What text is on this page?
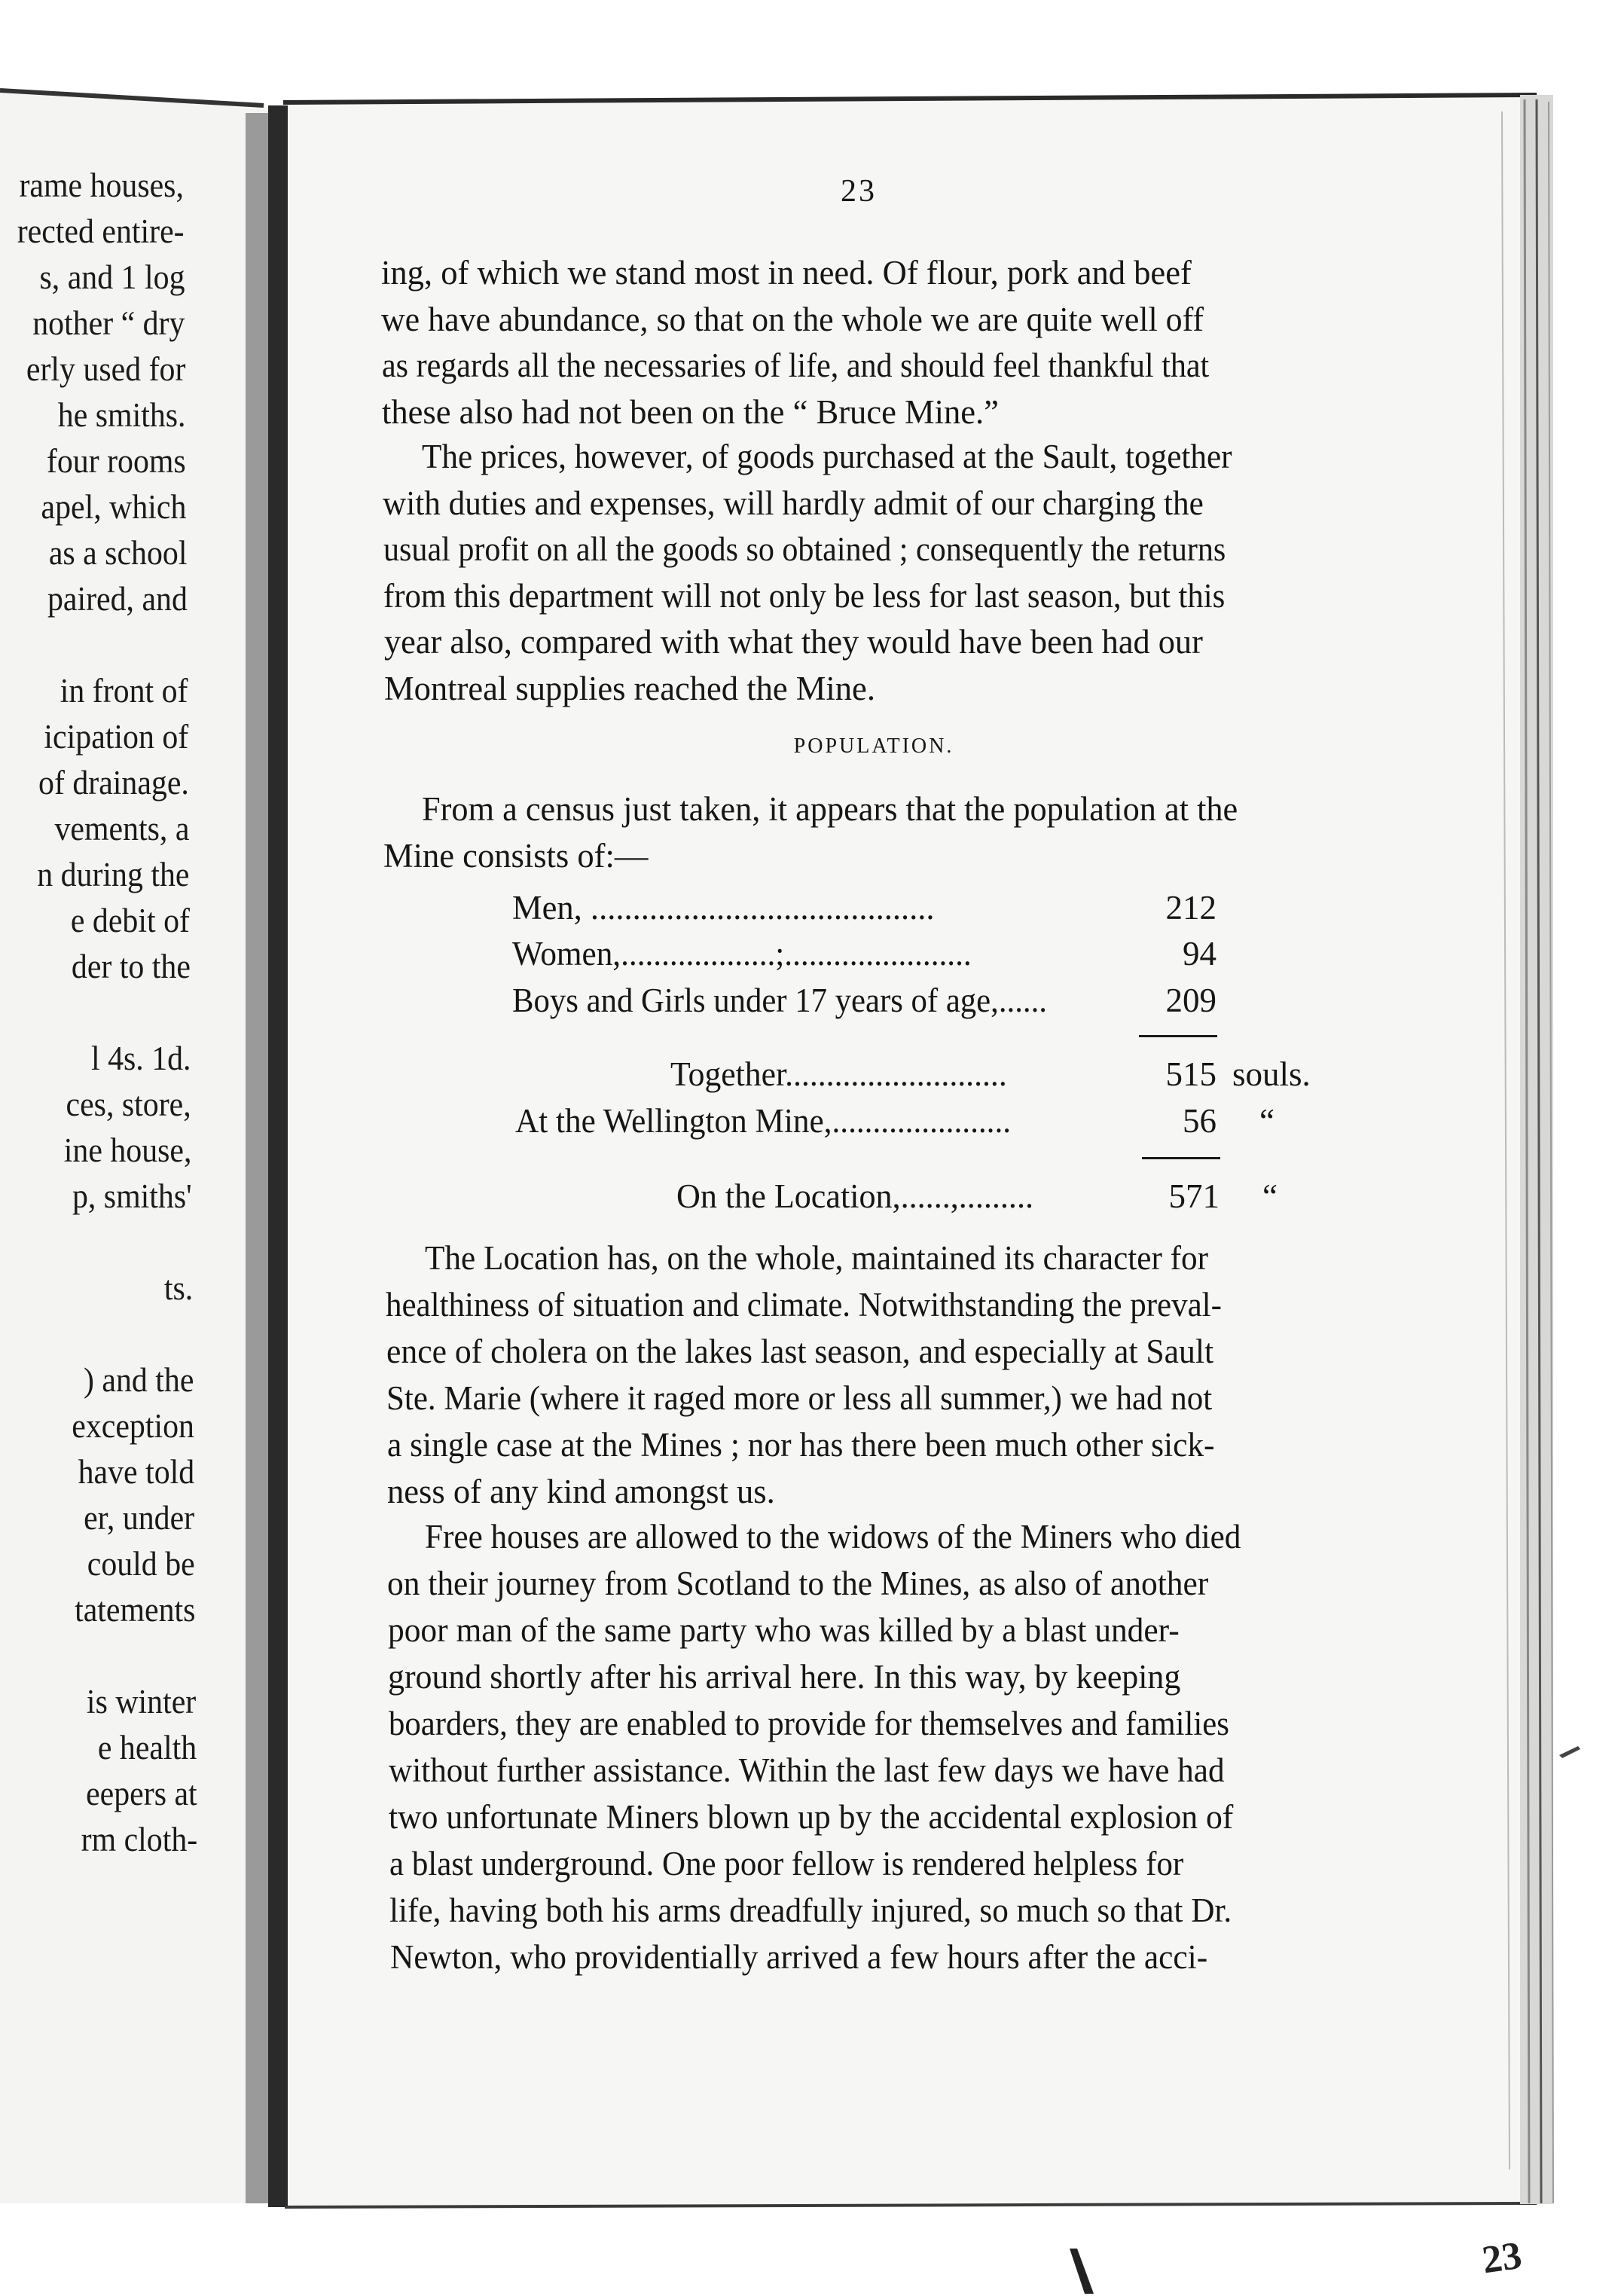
rame houses,
rected entire-
s, and 1 log
nother “ dry
erly used for
he smiths.
four rooms
apel, which
as a school
paired, and
in front of
icipation of
of drainage.
vements, a
n during the
e debit of
der to the
l 4s. 1d.
ces, store,
ine house,
p, smiths'
ts.
) and the
exception
have told
er, under
could be
tatements
is winter
e health
eepers at
rm cloth-
23
ing, of which we stand most in need. Of flour, pork and beef
we have abundance, so that on the whole we are quite well off
as regards all the necessaries of life, and should feel thankful that
these also had not been on the “ Bruce Mine.”
The prices, however, of goods purchased at the Sault, together
with duties and expenses, will hardly admit of our charging the
usual profit on all the goods so obtained ; consequently the returns
from this department will not only be less for last season, but this
year also, compared with what they would have been had our
Montreal supplies reached the Mine.
POPULATION.
From a census just taken, it appears that the population at the
Mine consists of:—
Men, .........................................	212
Women,...................;.......................	94
Boys and Girls under 17 years of age,......	209
Together...........................	515 souls.
At the Wellington Mine,......................	56 “
On the Location,......,.........	571 “
The Location has, on the whole, maintained its character for
healthiness of situation and climate. Notwithstanding the preval-
ence of cholera on the lakes last season, and especially at Sault
Ste. Marie (where it raged more or less all summer,) we had not
a single case at the Mines ; nor has there been much other sick-
ness of any kind amongst us.
Free houses are allowed to the widows of the Miners who died
on their journey from Scotland to the Mines, as also of another
poor man of the same party who was killed by a blast under-
ground shortly after his arrival here. In this way, by keeping
boarders, they are enabled to provide for themselves and families
without further assistance. Within the last few days we have had
two unfortunate Miners blown up by the accidental explosion of
a blast underground. One poor fellow is rendered helpless for
life, having both his arms dreadfully injured, so much so that Dr.
Newton, who providentially arrived a few hours after the acci-
23
